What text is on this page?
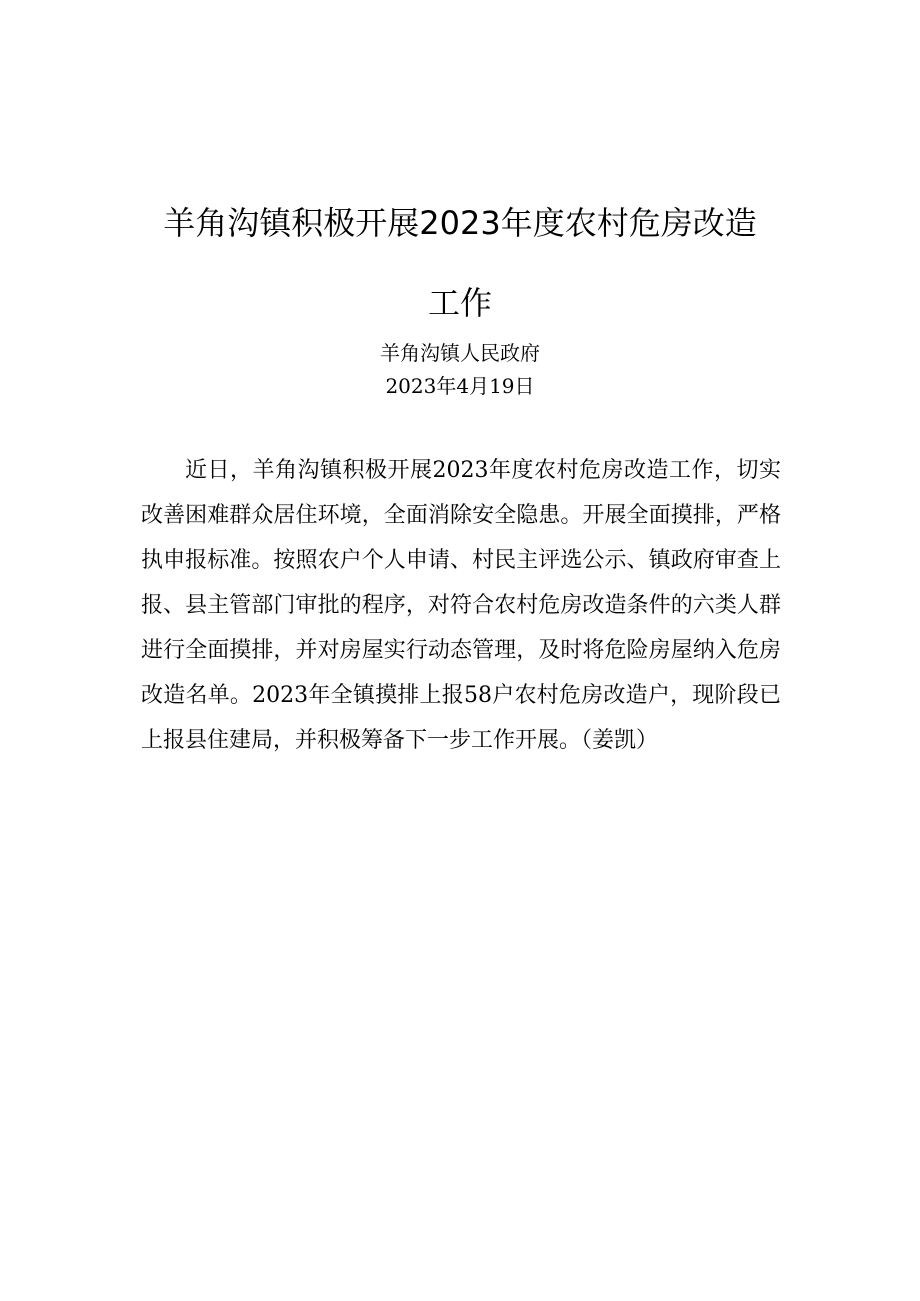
羊角沟镇积极开展2023年度农村危房改造
工作
羊角沟镇人民政府
2023年4月19日

近日，羊角沟镇积极开展2023年度农村危房改造工作，切实改善困难群众居住环境，全面消除安全隐患。开展全面摸排，严格执申报标准。按照农户个人申请、村民主评选公示、镇政府审查上报、县主管部门审批的程序，对符合农村危房改造条件的六类人群进行全面摸排，并对房屋实行动态管理，及时将危险房屋纳入危房改造名单。2023年全镇摸排上报58户农村危房改造户，现阶段已上报县住建局，并积极筹备下一步工作开展。（姜凯）
